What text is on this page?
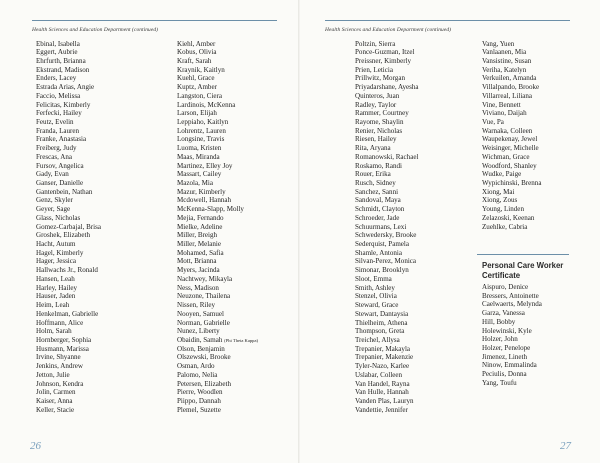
Health Sciences and Education Department (continued)
Ebinal, Isabella
Eggert, Aubrie
Ehrfurth, Brianna
Ekstrand, Madison
Enders, Lacey
Estrada Arias, Angie
Faccio, Melissa
Felicitas, Kimberly
Ferfecki, Hailey
Feutz, Evelin
Franda, Lauren
Franke, Anastasia
Freiberg, Judy
Frescas, Ana
Fursov, Angelica
Gady, Evan
Ganser, Danielle
Gantenbein, Nathan
Genz, Skyler
Geyer, Sage
Glass, Nicholas
Gomez-Carbajal, Brisa
Groshek, Elizabeth
Hacht, Autum
Hagel, Kimberly
Hager, Jessica
Hallwachs Jr., Ronald
Hansen, Leah
Harley, Hailey
Hauser, Jaden
Heim, Leah
Henkelman, Gabrielle
Hoffmann, Alice
Holm, Sarah
Hornberger, Sophia
Husmann, Marissa
Irvine, Shyanne
Jenkins, Andrew
Jetton, Julie
Johnson, Kendra
Jolin, Carmen
Kaiser, Anna
Keller, Stacie
Kiehl, Amber
Kobus, Olivia
Kraft, Sarah
Kraynik, Kaitlyn
Kuehl, Grace
Kuptz, Amber
Langston, Ciera
Lardinois, McKenna
Larson, Elijah
Leppiaho, Kaitlyn
Lohrentz, Lauren
Longsine, Travis
Luoma, Kristen
Maas, Miranda
Martinez, Elley Joy
Massart, Cailey
Mazola, Mia
Mazur, Kimberly
Mcdowell, Hannah
McKenna-Slapp, Molly
Mejia, Fernando
Mielke, Adeline
Miller, Breigh
Miller, Melanie
Mohamed, Safia
Mott, Brianna
Myers, Jacinda
Nachtwey, Mikayla
Ness, Madison
Neuzone, Thailena
Nissen, Riley
Nooyen, Samuel
Norman, Gabrielle
Nunez, Liberty
Obaidin, Samah (Phi Theta Kappa)
Olson, Benjamin
Olszewski, Brooke
Osman, Ardo
Palomo, Nelia
Petersen, Elizabeth
Pierre, Woodlen
Piippo, Dannah
Plemel, Suzette
26
Health Sciences and Education Department (continued)
Poltzin, Sierra
Ponce-Guzman, Itzel
Preissner, Kimberly
Prien, Leticia
Prillwitz, Morgan
Priyadarshane, Ayesha
Quinteros, Juan
Radley, Taylor
Rammer, Courtney
Rayome, Shaylin
Renier, Nicholas
Riesen, Hailey
Rita, Aryana
Romanowski, Rachael
Roskamo, Randi
Rouer, Erika
Rusch, Sidney
Sanchez, Sanni
Sandoval, Maya
Schmidt, Clayton
Schroeder, Jade
Schuurmans, Lexi
Schwedersky, Brooke
Sederquist, Pamela
Shamle, Antonia
Silvan-Perez, Monica
Simonar, Brooklyn
Sloot, Emma
Smith, Ashley
Stenzel, Olivia
Steward, Grace
Stewart, Dantaysia
Thielheim, Athena
Thompson, Greta
Treichel, Allysa
Trepanier, Makayla
Trepanier, Makenzie
Tyler-Nazo, Karlee
Uslabar, Colleen
Van Handel, Rayna
Van Hulle, Hannah
Vanden Plas, Lauryn
Vandettie, Jennifer
Vang, Yuen
Vanlaanen, Mia
Vansistine, Susan
Veriha, Katelyn
Verkuilen, Amanda
Villalpando, Brooke
Villarreal, Liliana
Vine, Bennett
Viviano, Daijah
Vue, Pa
Warnaka, Colleen
Waupekenay, Jewel
Weisinger, Michelle
Wichman, Grace
Woodford, Shanley
Wudke, Paige
Wypichinski, Brenna
Xiong, Mai
Xiong, Zous
Young, Linden
Zelazoski, Keenan
Zuehlke, Cabria
27
Personal Care Worker Certificate
Aispuro, Denice
Bressers, Antoinette
Caelwaerts, Melynda
Garza, Vanessa
Hill, Bobby
Holewinski, Kyle
Holzer, John
Holzer, Penelope
Jimenez, Lineth
Ninow, Emmalinda
Peciulis, Donna
Yang, Toufu
